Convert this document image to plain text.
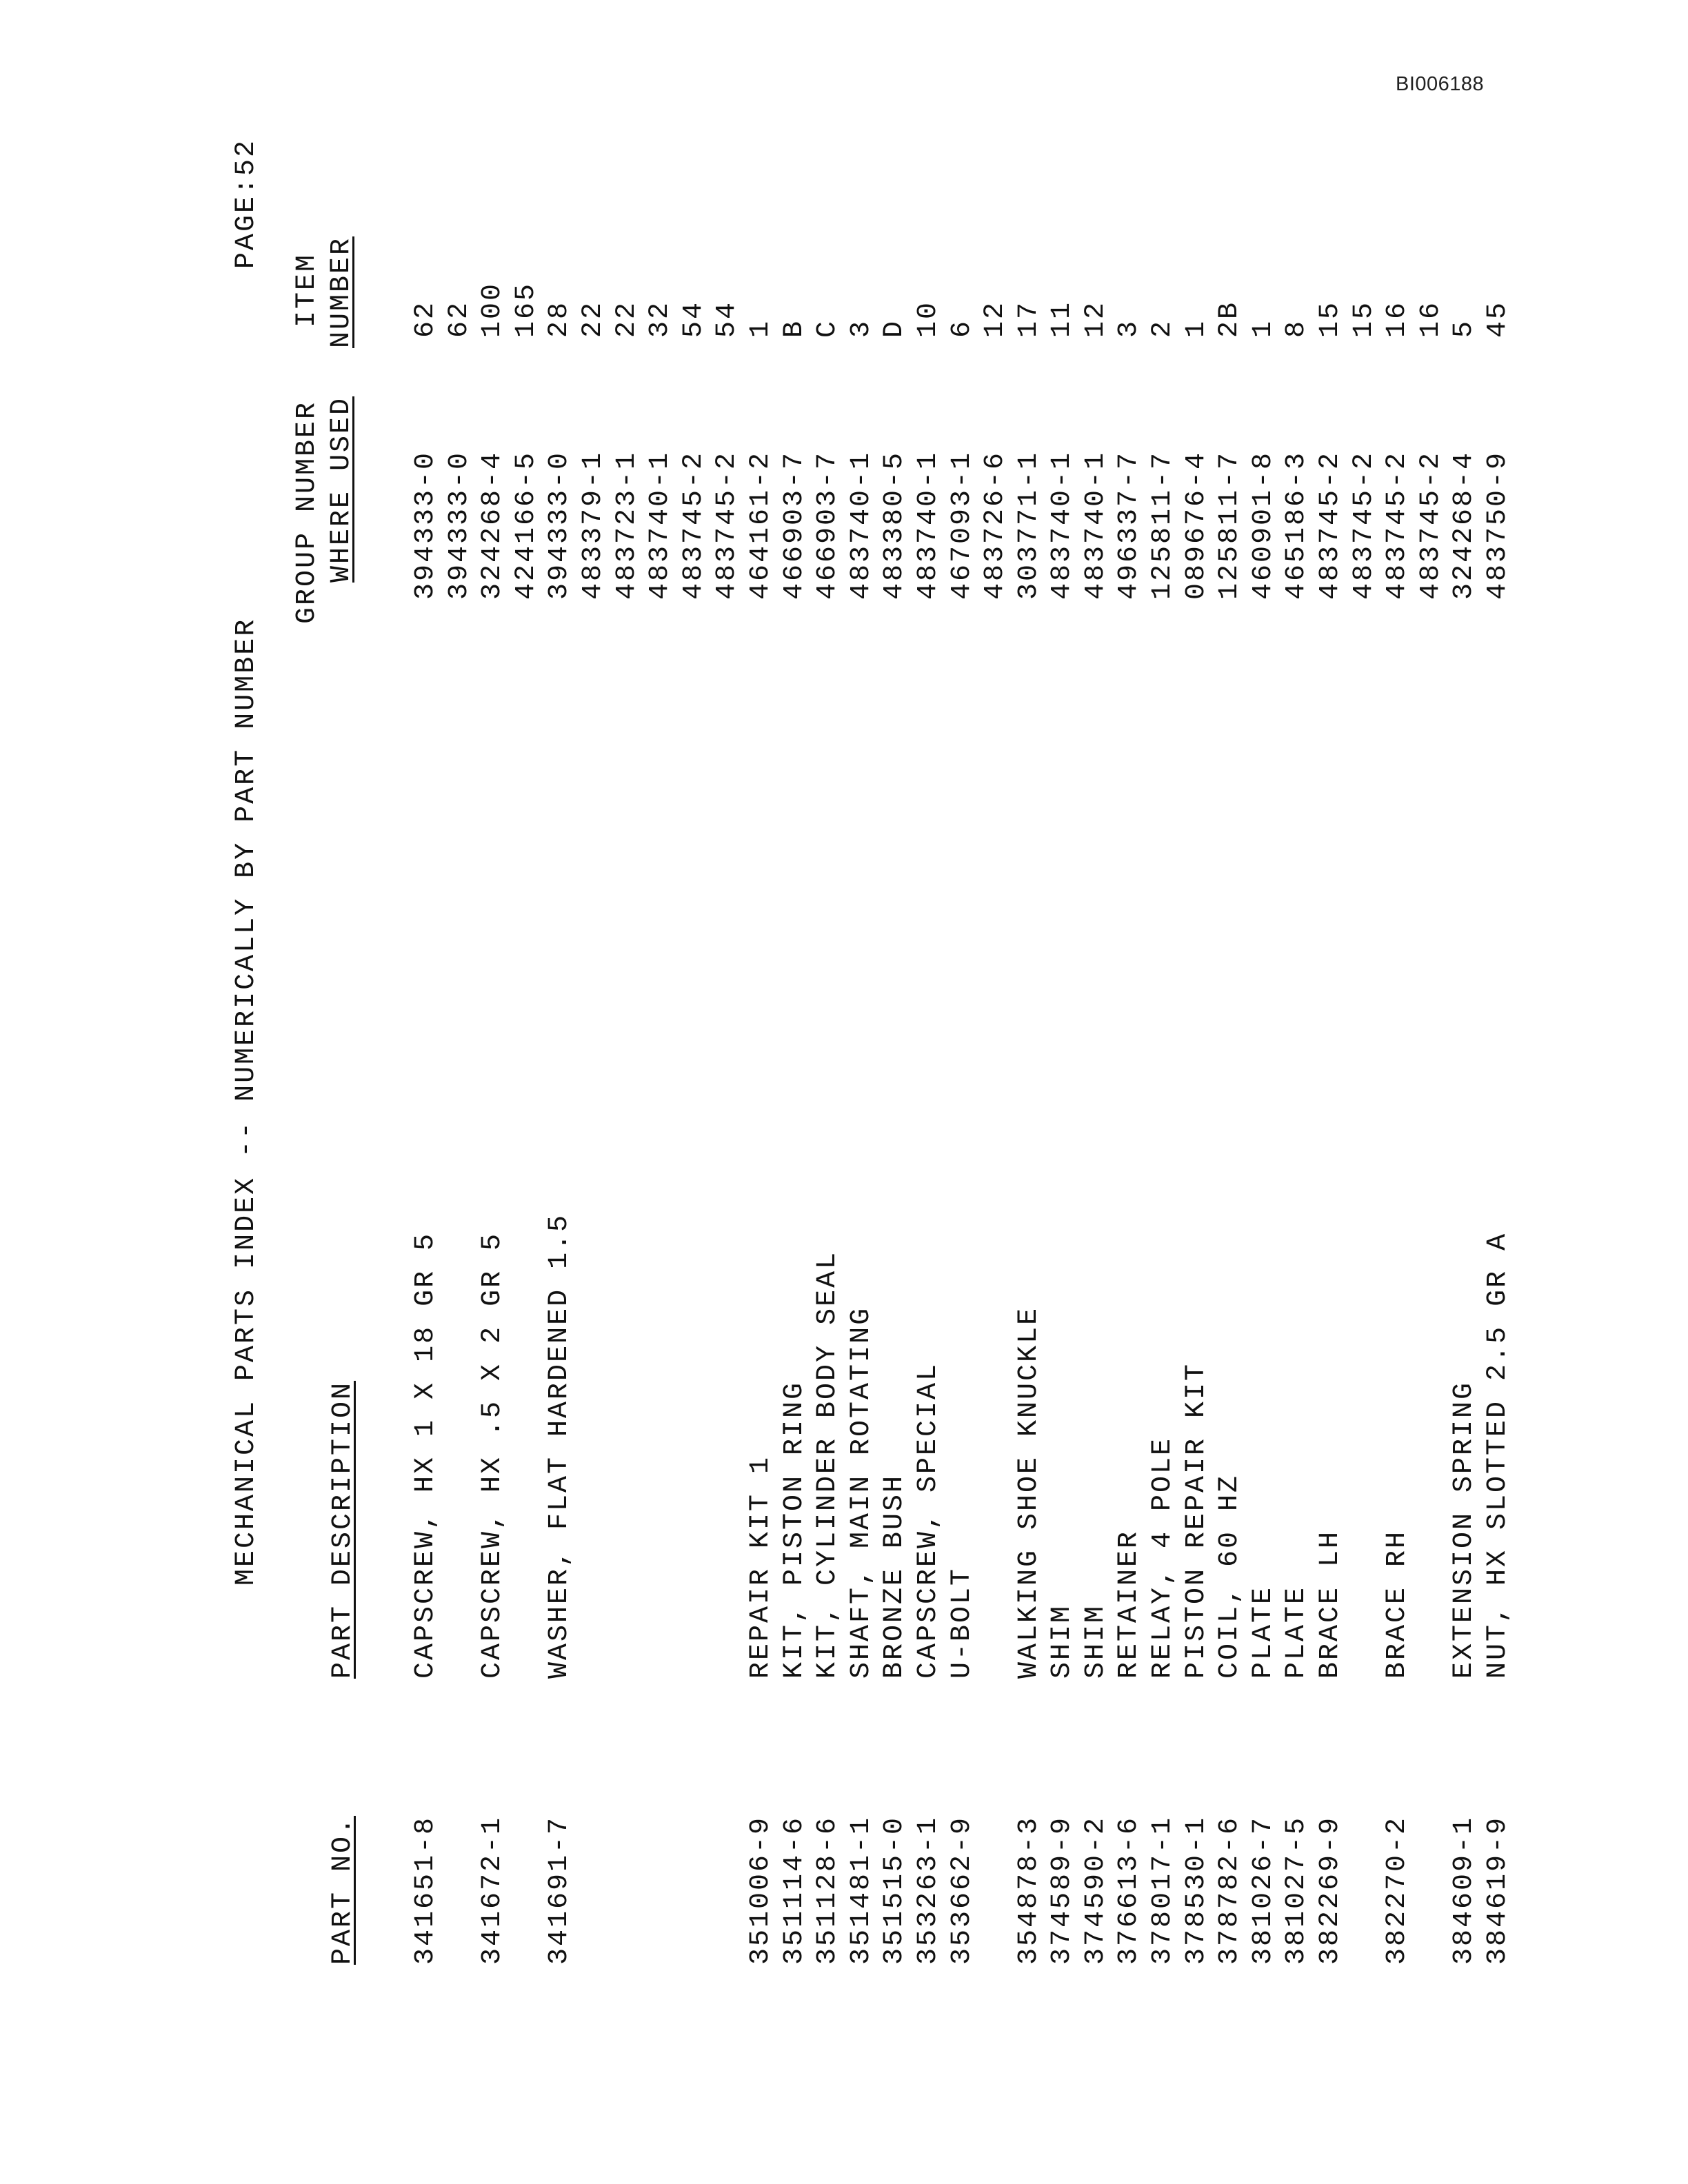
BI006188
MECHANICAL PARTS INDEX -- NUMERICALLY BY PART NUMBER
PAGE:52
PART NO.
PART DESCRIPTION
GROUP NUMBER WHERE USED
ITEM NUMBER
341651-8
CAPSCREW, HX 1 X 18 GR 5
394333-0
62
394333-0
62
341672-1
CAPSCREW, HX .5 X 2 GR 5
324268-4
100
424166-5
165
341691-7
WASHER, FLAT HARDENED 1.5
394333-0
28
483379-1
22
483723-1
22
483740-1
32
483745-2
54
483745-2
54
351006-9
REPAIR KIT 1
464161-2
1
351114-6
KIT, PISTON RING
466903-7
B
351128-6
KIT, CYLINDER BODY SEAL
466903-7
C
351481-1
SHAFT, MAIN ROTATING
483740-1
3
351515-0
BRONZE BUSH
483380-5
D
353263-1
CAPSCREW, SPECIAL
483740-1
10
353662-9
U-BOLT
467093-1
6
483726-6
12
354878-3
WALKING SHOE KNUCKLE
303771-1
17
374589-9
SHIM
483740-1
11
374590-2
SHIM
483740-1
12
376613-6
RETAINER
496337-7
3
378017-1
RELAY, 4 POLE
125811-7
2
378530-1
PISTON REPAIR KIT
089676-4
1
378782-6
COIL, 60 HZ
125811-7
2B
381026-7
PLATE
460901-8
1
381027-5
PLATE
465186-3
8
382269-9
BRACE LH
483745-2
15
483745-2
15
382270-2
BRACE RH
483745-2
16
483745-2
16
384609-1
EXTENSION SPRING
324268-4
5
384619-9
NUT, HX SLOTTED 2.5 GR A
483750-9
45
